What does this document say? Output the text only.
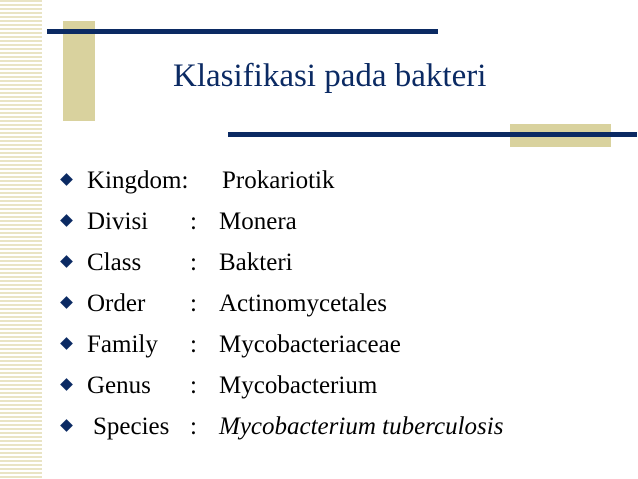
Klasifikasi pada bakteri
Kingdom: Prokariotik
Divisi : Monera
Class : Bakteri
Order : Actinomycetales
Family : Mycobacteriaceae
Genus : Mycobacterium
Species : Mycobacterium tuberculosis
